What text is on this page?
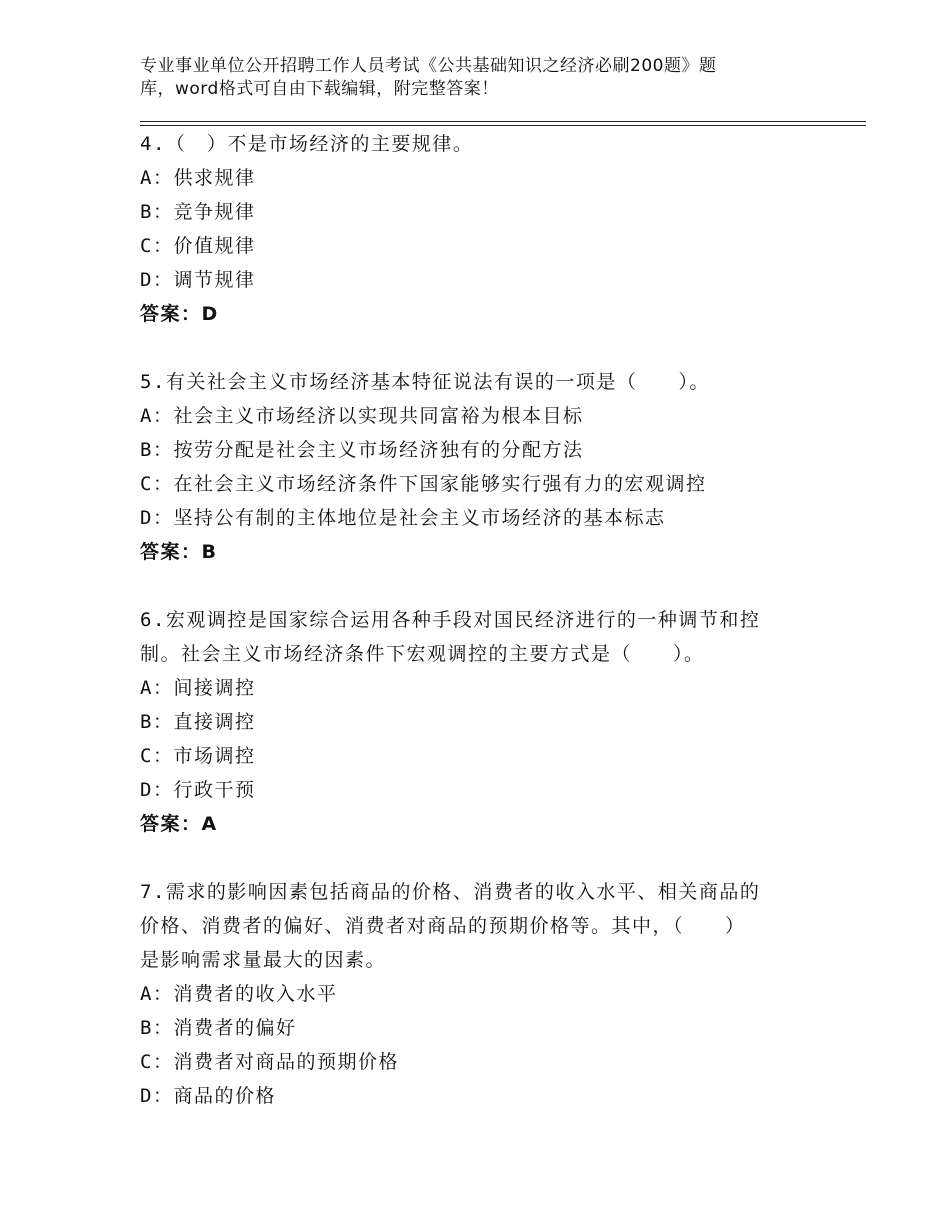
专业事业单位公开招聘工作人员考试《公共基础知识之经济必刷200题》题
库，word格式可自由下载编辑，附完整答案！
4.（　）不是市场经济的主要规律。
A：供求规律
B：竞争规律
C：价值规律
D：调节规律
答案：D
5.有关社会主义市场经济基本特征说法有误的一项是（　　）。
A：社会主义市场经济以实现共同富裕为根本目标
B：按劳分配是社会主义市场经济独有的分配方法
C：在社会主义市场经济条件下国家能够实行强有力的宏观调控
D：坚持公有制的主体地位是社会主义市场经济的基本标志
答案：B
6.宏观调控是国家综合运用各种手段对国民经济进行的一种调节和控
制。社会主义市场经济条件下宏观调控的主要方式是（　　）。
A：间接调控
B：直接调控
C：市场调控
D：行政干预
答案：A
7.需求的影响因素包括商品的价格、消费者的收入水平、相关商品的
价格、消费者的偏好、消费者对商品的预期价格等。其中，（　　）
是影响需求量最大的因素。
A：消费者的收入水平
B：消费者的偏好
C：消费者对商品的预期价格
D：商品的价格
